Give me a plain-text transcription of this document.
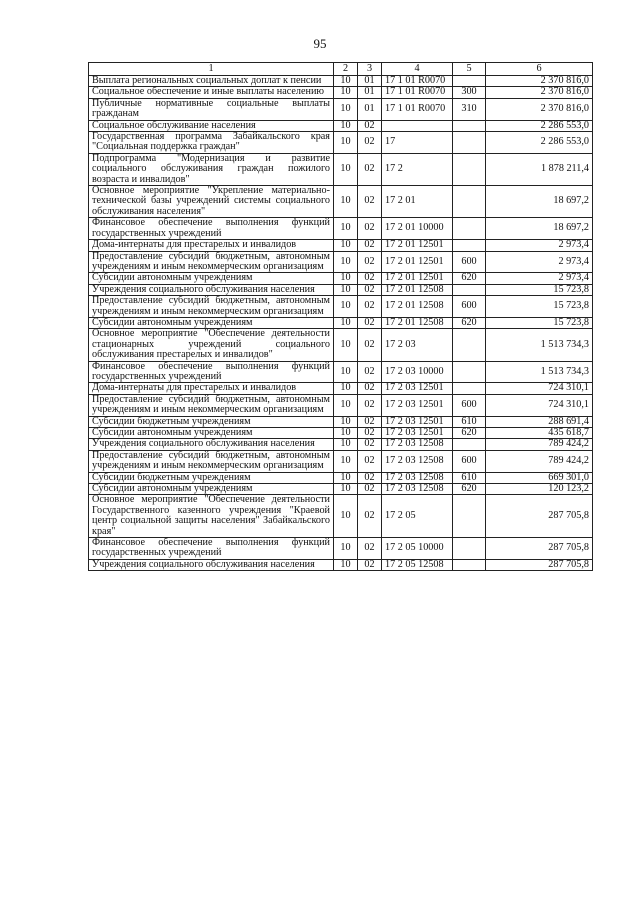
95
1	2	3	4	5	6
Выплата региональных социальных доплат к пенсии	10	01	17 1 01 R0070		2 370 816,0
Социальное обеспечение и иные выплаты населению	10	01	17 1 01 R0070	300	2 370 816,0
Публичные нормативные социальные выплаты гражданам	10	01	17 1 01 R0070	310	2 370 816,0
Социальное обслуживание населения	10	02			2 286 553,0
Государственная программа Забайкальского края "Социальная поддержка граждан"	10	02	17		2 286 553,0
Подпрограмма "Модернизация и развитие социального обслуживания граждан пожилого возраста и инвалидов"	10	02	17 2		1 878 211,4
Основное мероприятие "Укрепление материально-технической базы учреждений системы социального обслуживания населения"	10	02	17 2 01		18 697,2
Финансовое обеспечение выполнения функций государственных учреждений	10	02	17 2 01 10000		18 697,2
Дома-интернаты для престарелых и инвалидов	10	02	17 2 01 12501		2 973,4
Предоставление субсидий бюджетным, автономным учреждениям и иным некоммерческим организациям	10	02	17 2 01 12501	600	2 973,4
Субсидии автономным учреждениям	10	02	17 2 01 12501	620	2 973,4
Учреждения социального обслуживания населения	10	02	17 2 01 12508		15 723,8
Предоставление субсидий бюджетным, автономным учреждениям и иным некоммерческим организациям	10	02	17 2 01 12508	600	15 723,8
Субсидии автономным учреждениям	10	02	17 2 01 12508	620	15 723,8
Основное мероприятие "Обеспечение деятельности стационарных учреждений социального обслуживания престарелых и инвалидов"	10	02	17 2 03		1 513 734,3
Финансовое обеспечение выполнения функций государственных учреждений	10	02	17 2 03 10000		1 513 734,3
Дома-интернаты для престарелых и инвалидов	10	02	17 2 03 12501		724 310,1
Предоставление субсидий бюджетным, автономным учреждениям и иным некоммерческим организациям	10	02	17 2 03 12501	600	724 310,1
Субсидии бюджетным учреждениям	10	02	17 2 03 12501	610	288 691,4
Субсидии автономным учреждениям	10	02	17 2 03 12501	620	435 618,7
Учреждения социального обслуживания населения	10	02	17 2 03 12508		789 424,2
Предоставление субсидий бюджетным, автономным учреждениям и иным некоммерческим организациям	10	02	17 2 03 12508	600	789 424,2
Субсидии бюджетным учреждениям	10	02	17 2 03 12508	610	669 301,0
Субсидии автономным учреждениям	10	02	17 2 03 12508	620	120 123,2
Основное мероприятие "Обеспечение деятельности Государственного казенного учреждения "Краевой центр социальной защиты населения" Забайкальского края"	10	02	17 2 05		287 705,8
Финансовое обеспечение выполнения функций государственных учреждений	10	02	17 2 05 10000		287 705,8
Учреждения социального обслуживания населения	10	02	17 2 05 12508		287 705,8
